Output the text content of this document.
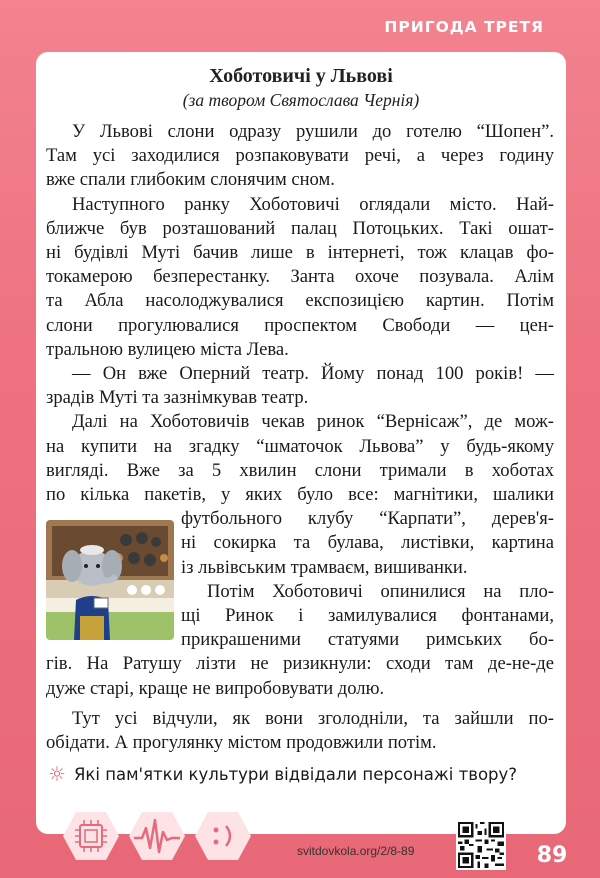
ПРИГОДА ТРЕТЯ
Хоботовичі у Львові
(за твором Святослава Чернія)

У Львові слони одразу рушили до готелю “Шопен”.
Там усі заходилися розпаковувати речі, а через годину
вже спали глибоким слонячим сном.

Наступного ранку Хоботовичі оглядали місто. Най-
ближче був розташований палац Потоцьких. Такі ошат-
ні будівлі Муті бачив лише в інтернеті, тож клацав фо-
токамерою безперестанку. Занта охоче позувала. Алім
та Абла насолоджувалися експозицією картин. Потім
слони прогулювалися проспектом Свободи — цен-
тральною вулицею міста Лева.

— Он вже Оперний театр. Йому понад 100 років! —
зрадів Муті та зазнімкував театр.

Далі на Хоботовичів чекав ринок “Вернісаж”, де мож-
на купити на згадку “шматочок Львова” у будь-якому
вигляді. Вже за 5 хвилин слони тримали в хоботах
по кілька пакетів, у яких було все: магнітики, шалики

футбольного клубу “Карпати”, дерев'я-
ні сокирка та булава, листівки, картина
із львівським трамваєм, вишиванки.

Потім Хоботовичі опинилися на пло-
щі Ринок і замилувалися фонтанами,

прикрашеними статуями римських бо-
гів. На Ратушу лізти не ризикнули: сходи там де-не-де
дуже старі, краще не випробовувати долю.

Тут усі відчули, як вони зголодніли, та зайшли по-
обідати. А прогулянку містом продовжили потім.

☼ Які пам'ятки культури відвідали персонажі твору?
svitdovkola.org/2/8-89	89
